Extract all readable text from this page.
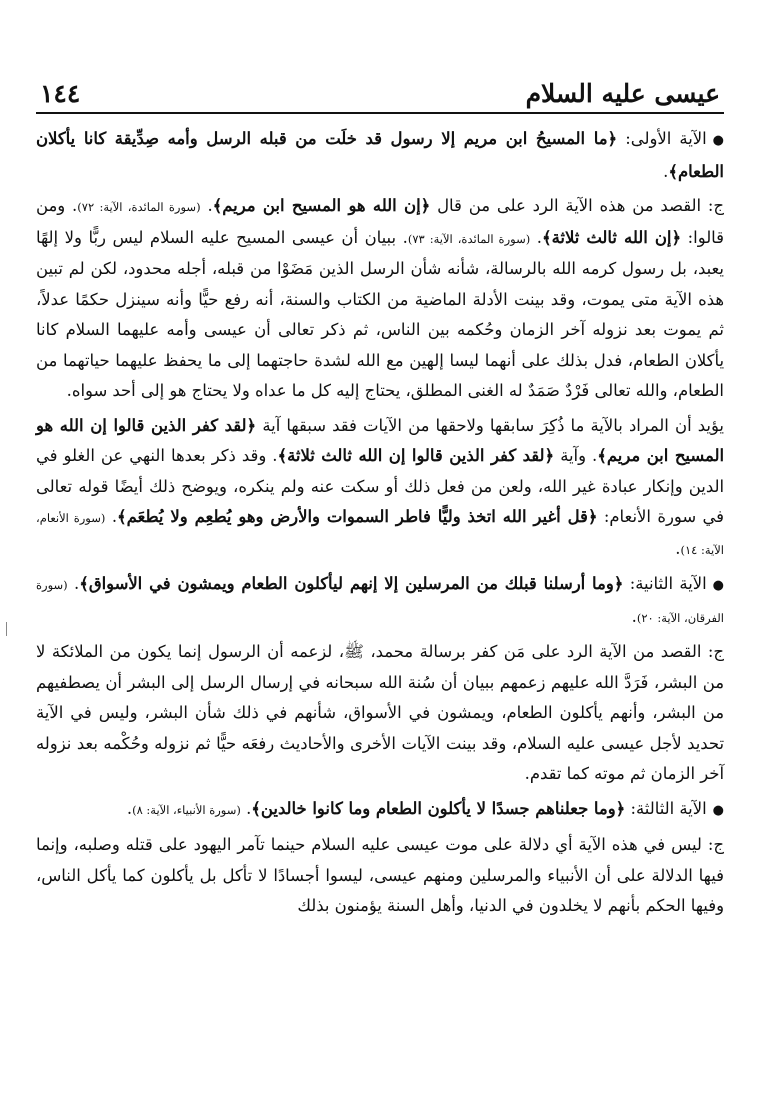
عيسى عليه السلام
١٤٤

●الآية الأولى: ﴿ما المسيحُ ابن مريم إلا رسول قد خلَت من قبله الرسل وأمه صِدِّيقة كانا يأكلان الطعام﴾.

ج: القصد من هذه الآية الرد على من قال ﴿إن الله هو المسيح ابن مريم﴾. (سورة المائدة، الآية: ٧٢). ومن قالوا: ﴿إن الله ثالث ثلاثة﴾. (سورة المائدة، الآية: ٧٣). ببيان أن عيسى المسيح عليه السلام ليس ربًّا ولا إلهًا يعبد، بل رسول كرمه الله بالرسالة، شأنه شأن الرسل الذين مَضَوْا من قبله، أجله محدود، لكن لم تبين هذه الآية متى يموت، وقد بينت الأدلة الماضية من الكتاب والسنة، أنه رفع حيًّا وأنه سينزل حكمًا عدلاً، ثم يموت بعد نزوله آخر الزمان وحُكمه بين الناس، ثم ذكر تعالى أن عيسى وأمه عليهما السلام كانا يأكلان الطعام، فدل بذلك على أنهما ليسا إلهين مع الله لشدة حاجتهما إلى ما يحفظ عليهما حياتهما من الطعام، والله تعالى فَرْدٌ صَمَدٌ له الغنى المطلق، يحتاج إليه كل ما عداه ولا يحتاج هو إلى أحد سواه.

يؤيد أن المراد بالآية ما ذُكِرَ سابقها ولاحقها من الآيات فقد سبقها آية ﴿لقد كفر الذين قالوا إن الله هو المسيح ابن مريم﴾. وآية ﴿لقد كفر الذين قالوا إن الله ثالث ثلاثة﴾. وقد ذكر بعدها النهي عن الغلو في الدين وإنكار عبادة غير الله، ولعن من فعل ذلك أو سكت عنه ولم ينكره، ويوضح ذلك أيضًا قوله تعالى في سورة الأنعام: ﴿قل أغير الله اتخذ وليًّا فاطر السموات والأرض وهو يُطعِم ولا يُطعَم﴾. (سورة الأنعام، الآية: ١٤).

●الآية الثانية: ﴿وما أرسلنا قبلك من المرسلين إلا إنهم ليأكلون الطعام ويمشون في الأسواق﴾. (سورة الفرقان، الآية: ٢٠).

ج: القصد من الآية الرد على مَن كفر برسالة محمد، ﷺ، لزعمه أن الرسول إنما يكون من الملائكة لا من البشر، فَرَدَّ الله عليهم زعمهم ببيان أن سُنة الله سبحانه في إرسال الرسل إلى البشر أن يصطفيهم من البشر، وأنهم يأكلون الطعام، ويمشون في الأسواق، شأنهم في ذلك شأن البشر، وليس في الآية تحديد لأجل عيسى عليه السلام، وقد بينت الآيات الأخرى والأحاديث رفعَه حيًّا ثم نزوله وحُكْمه بعد نزوله آخر الزمان ثم موته كما تقدم.

●الآية الثالثة: ﴿وما جعلناهم جسدًا لا يأكلون الطعام وما كانوا خالدين﴾. (سورة الأنبياء، الآية: ٨).

ج: ليس في هذه الآية أي دلالة على موت عيسى عليه السلام حينما تآمر اليهود على قتله وصلبه، وإنما فيها الدلالة على أن الأنبياء والمرسلين ومنهم عيسى، ليسوا أجسادًا لا تأكل بل يأكلون كما يأكل الناس، وفيها الحكم بأنهم لا يخلدون في الدنيا، وأهل السنة يؤمنون بذلك
